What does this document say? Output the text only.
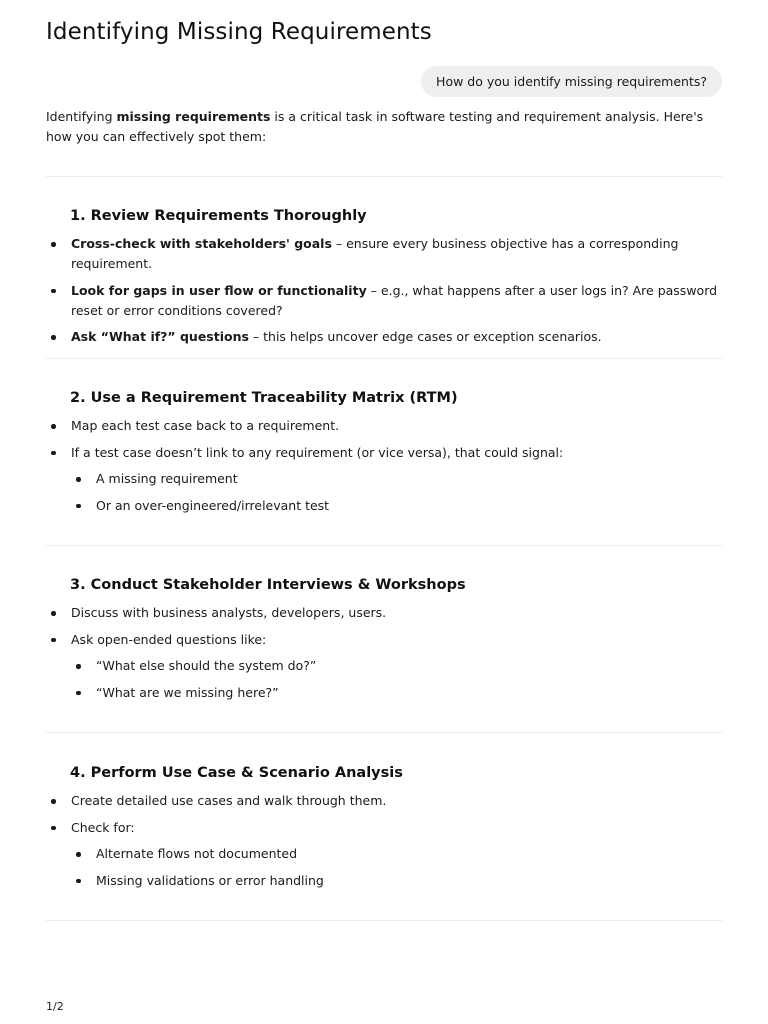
Identifying Missing Requirements
How do you identify missing requirements?

Identifying missing requirements is a critical task in software testing and requirement analysis. Here's how you can effectively spot them:

1. Review Requirements Thoroughly
Cross-check with stakeholders' goals – ensure every business objective has a corresponding requirement.
Look for gaps in user flow or functionality – e.g., what happens after a user logs in? Are password reset or error conditions covered?
Ask “What if?” questions – this helps uncover edge cases or exception scenarios.
2. Use a Requirement Traceability Matrix (RTM)
Map each test case back to a requirement.
If a test case doesn’t link to any requirement (or vice versa), that could signal:
A missing requirement
Or an over-engineered/irrelevant test
3. Conduct Stakeholder Interviews & Workshops
Discuss with business analysts, developers, users.
Ask open-ended questions like:
“What else should the system do?”
“What are we missing here?”
4. Perform Use Case & Scenario Analysis
Create detailed use cases and walk through them.
Check for:
Alternate flows not documented
Missing validations or error handling
1/2
